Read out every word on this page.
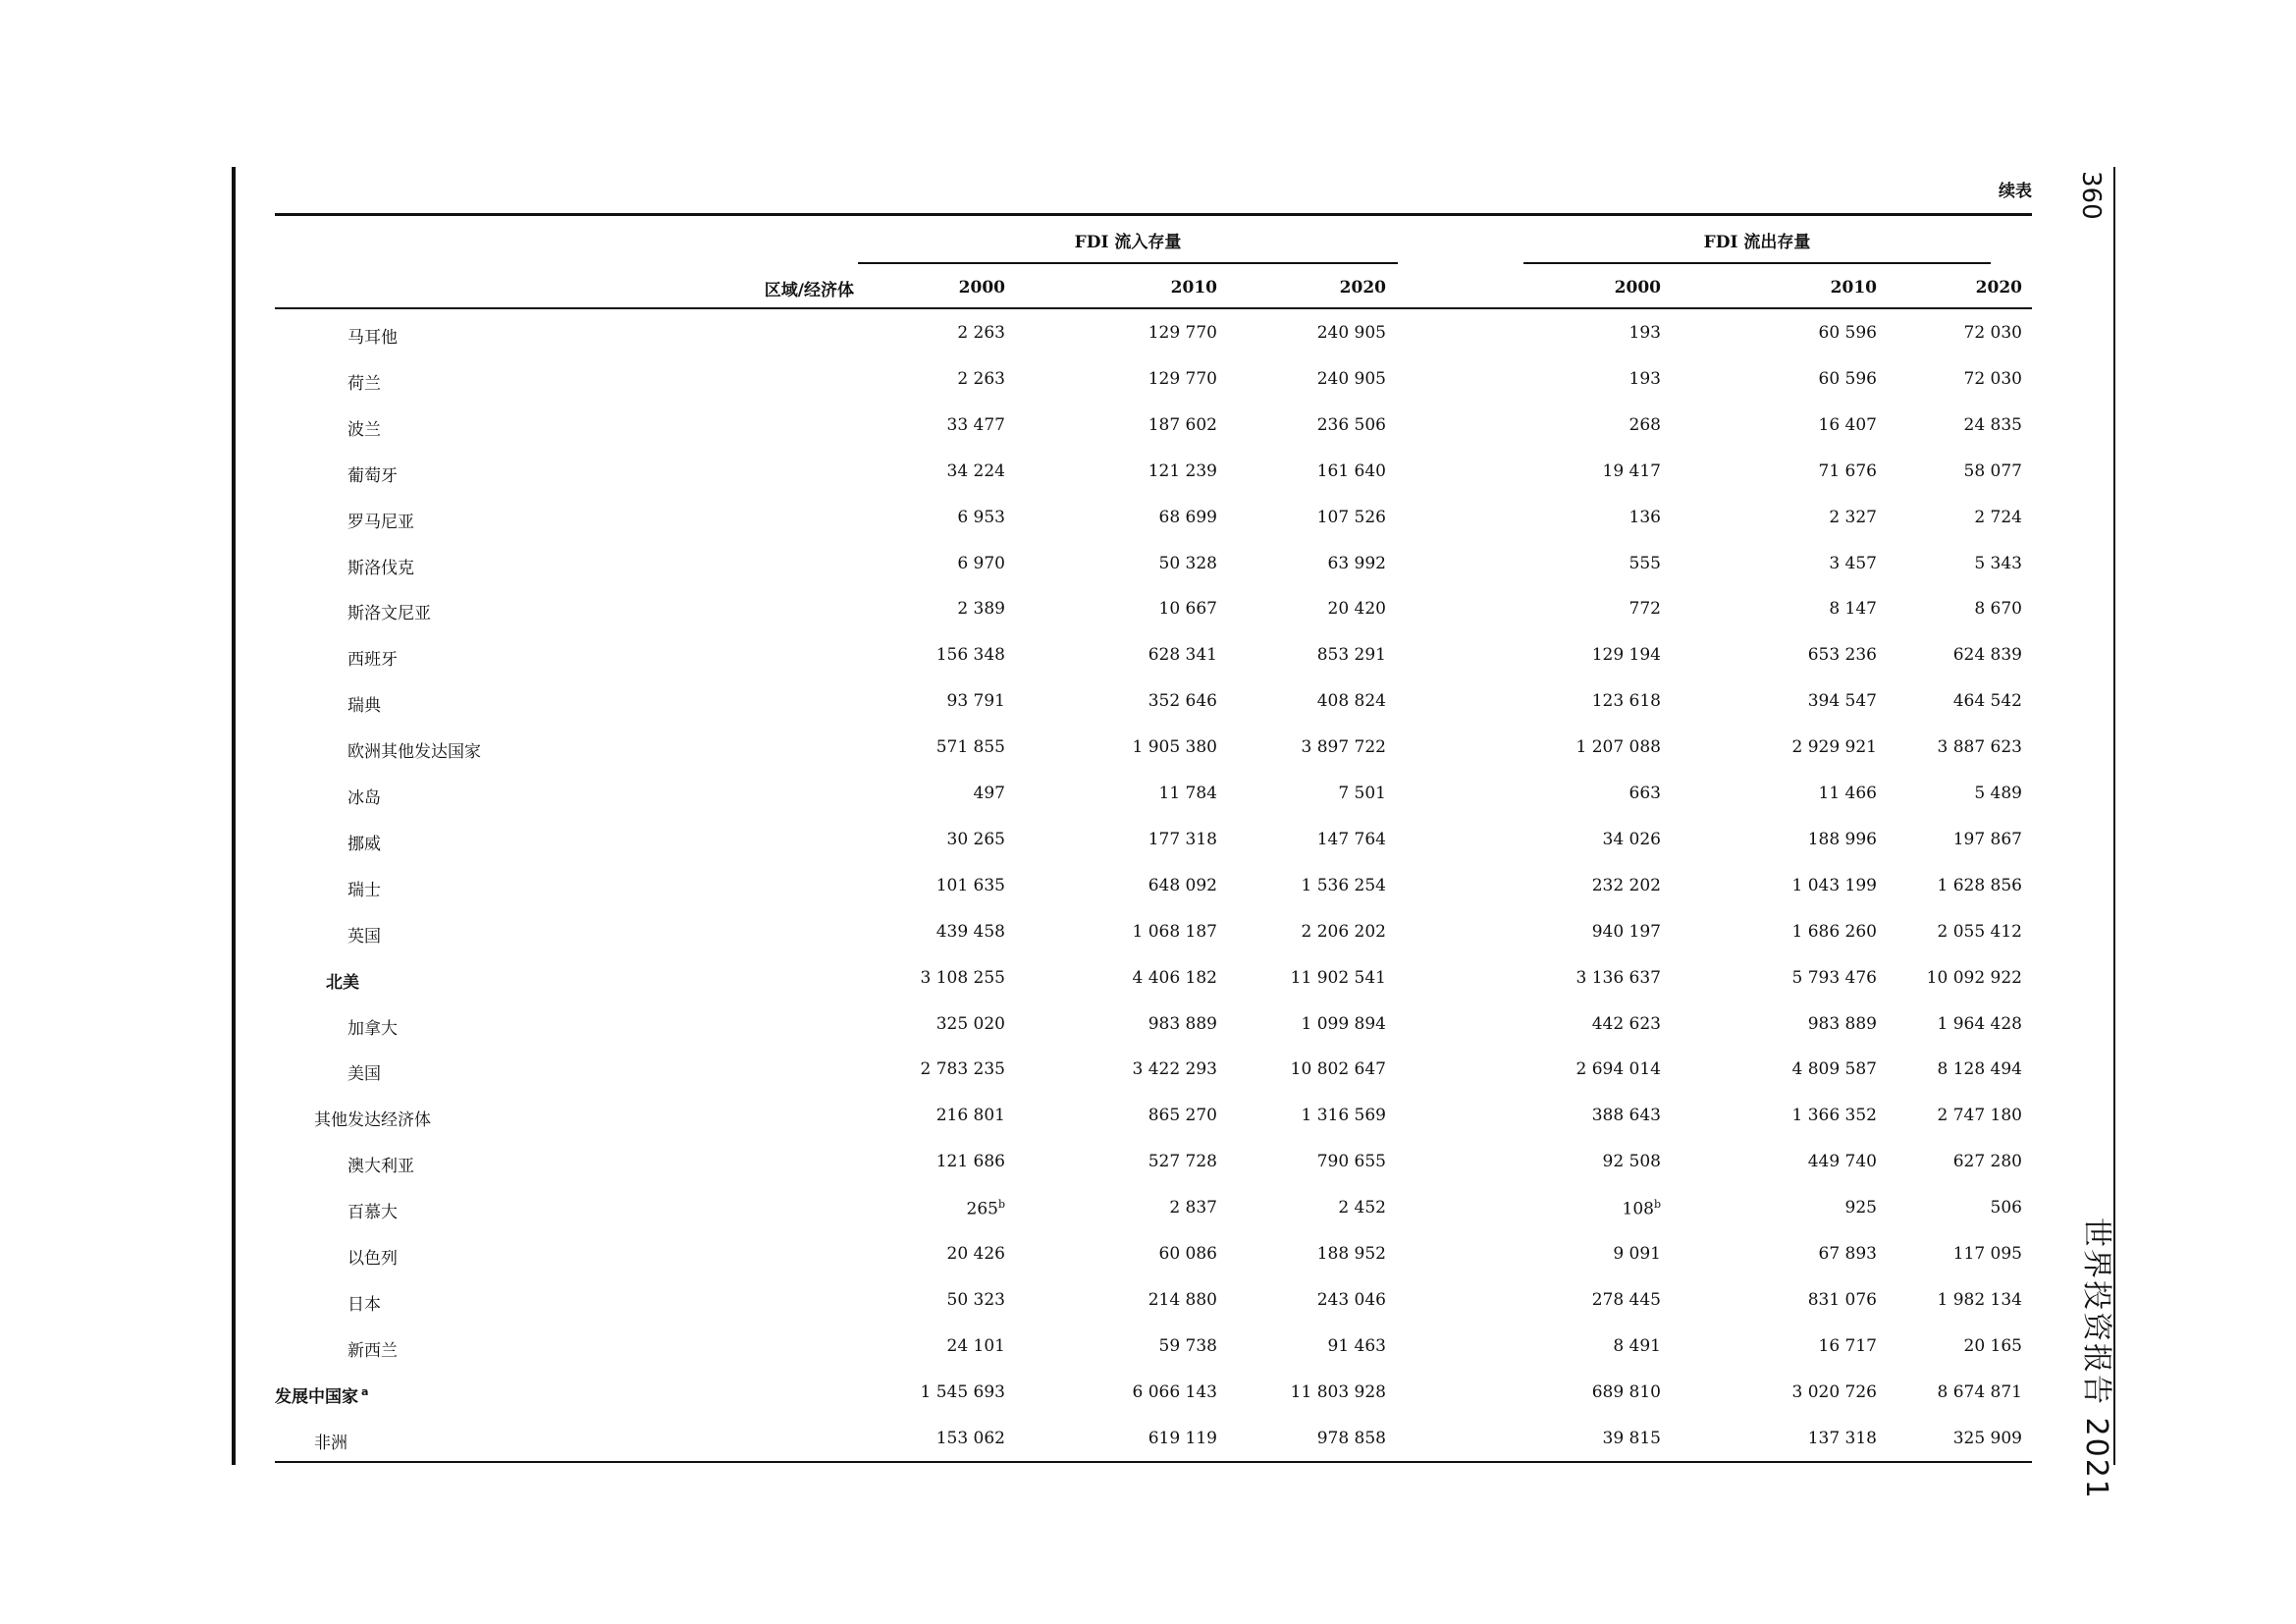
360
世界投资报告 2021
续表
FDI 流入存量	FDI 流出存量
区域/经济体	2000	2010	2020	2000	2010	2020
马耳他	2 263	129 770	240 905	193	60 596	72 030
荷兰	2 263	129 770	240 905	193	60 596	72 030
波兰	33 477	187 602	236 506	268	16 407	24 835
葡萄牙	34 224	121 239	161 640	19 417	71 676	58 077
罗马尼亚	6 953	68 699	107 526	136	2 327	2 724
斯洛伐克	6 970	50 328	63 992	555	3 457	5 343
斯洛文尼亚	2 389	10 667	20 420	772	8 147	8 670
西班牙	156 348	628 341	853 291	129 194	653 236	624 839
瑞典	93 791	352 646	408 824	123 618	394 547	464 542
欧洲其他发达国家	571 855	1 905 380	3 897 722	1 207 088	2 929 921	3 887 623
冰岛	497	11 784	7 501	663	11 466	5 489
挪威	30 265	177 318	147 764	34 026	188 996	197 867
瑞士	101 635	648 092	1 536 254	232 202	1 043 199	1 628 856
英国	439 458	1 068 187	2 206 202	940 197	1 686 260	2 055 412
北美	3 108 255	4 406 182	11 902 541	3 136 637	5 793 476	10 092 922
加拿大	325 020	983 889	1 099 894	442 623	983 889	1 964 428
美国	2 783 235	3 422 293	10 802 647	2 694 014	4 809 587	8 128 494
其他发达经济体	216 801	865 270	1 316 569	388 643	1 366 352	2 747 180
澳大利亚	121 686	527 728	790 655	92 508	449 740	627 280
百慕大	265$^b$	2 837	2 452	108$^b$	925	506
以色列	20 426	60 086	188 952	9 091	67 893	117 095
日本	50 323	214 880	243 046	278 445	831 076	1 982 134
新西兰	24 101	59 738	91 463	8 491	16 717	20 165
发展中国家 $^a$	1 545 693	6 066 143	11 803 928	689 810	3 020 726	8 674 871
非洲	153 062	619 119	978 858	39 815	137 318	325 909
